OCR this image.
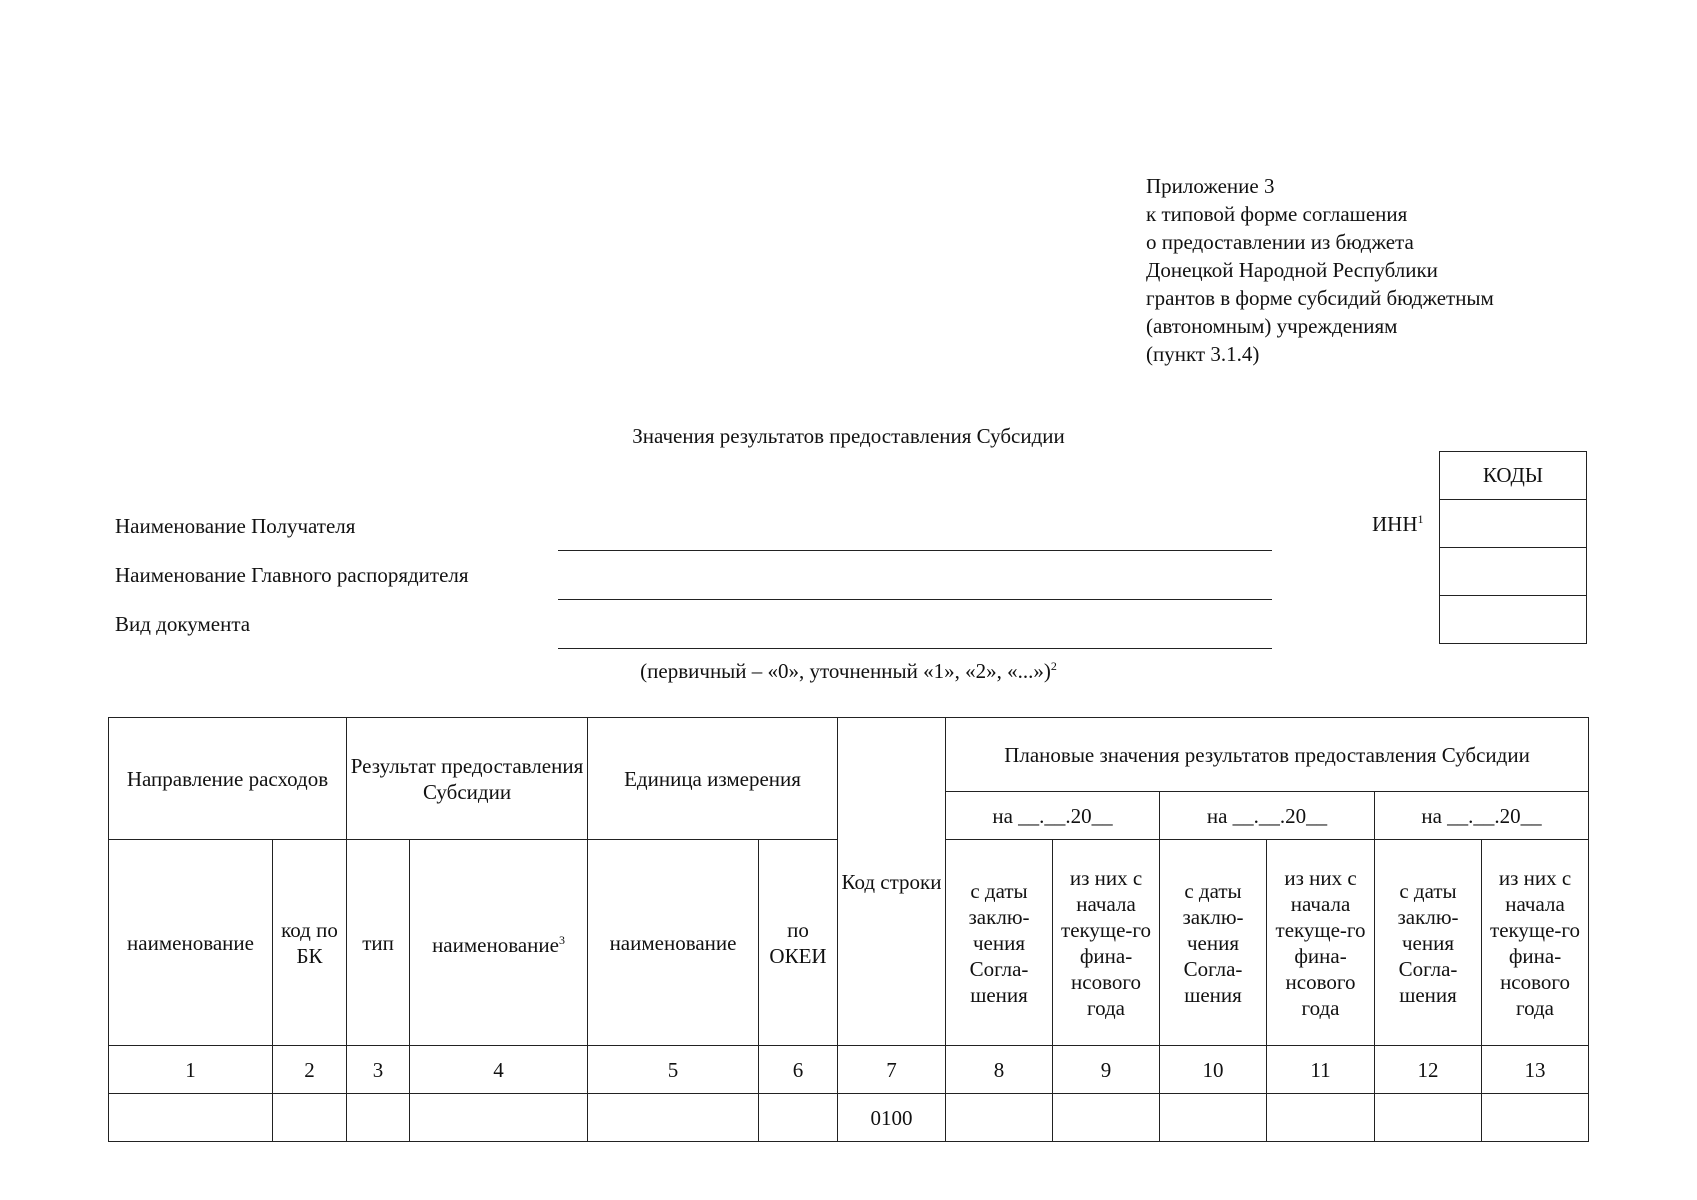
Приложение 3
к типовой форме соглашения
о предоставлении из бюджета
Донецкой Народной Республики
грантов в форме субсидий бюджетным
(автономным) учреждениям
(пункт 3.1.4)
Значения результатов предоставления Субсидии
КОДЫ

ИНН$^1$
Наименование Получателя
Наименование Главного распорядителя
Вид документа
(первичный – «0», уточненный «1», «2», «...»)$^2$
Направление расходов		Результат предоставления Субсидии		Единица измерения		Код строки	Плановые значения результатов предоставления Субсидии					
							на __.__.20__		на __.__.20__		на __.__.20__	
наименование	код по БК	тип	наименование$^3$	наименование	по ОКЕИ		с даты заклю-чения Согла-шения	из них с начала текуще-го фина-нсового года	с даты заклю-чения Согла-шения	из них с начала текуще-го фина-нсового года	с даты заклю-чения Согла-шения	из них с начала текуще-го фина-нсового года
1	2	3	4	5	6	7	8	9	10	11	12	13
						0100						
